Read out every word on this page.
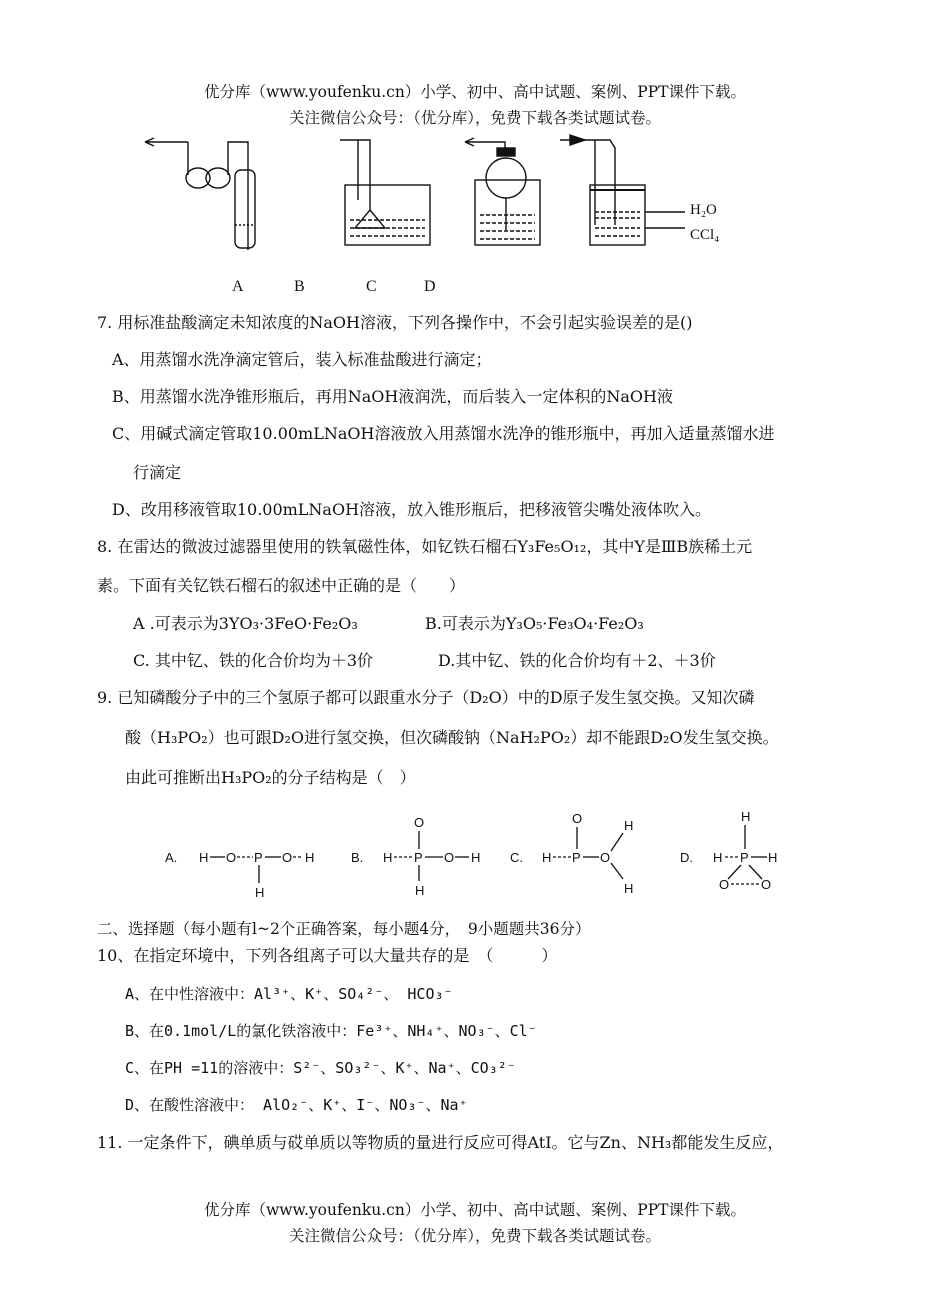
优分库（www.youfenku.cn）小学、初中、高中试题、案例、PPT课件下载。
关注微信公众号：（优分库），免费下载各类试题试卷。
H₂O
CCl₄
A	B	C	D
7. 用标准盐酸滴定未知浓度的NaOH溶液，下列各操作中，不会引起实验误差的是()
A、用蒸馏水洗净滴定管后，装入标准盐酸进行滴定；
B、用蒸馏水洗净锥形瓶后，再用NaOH液润洗，而后装入一定体积的NaOH液
C、用碱式滴定管取10.00mLNaOH溶液放入用蒸馏水洗净的锥形瓶中，再加入适量蒸馏水进
行滴定
D、改用移液管取10.00mLNaOH溶液，放入锥形瓶后，把移液管尖嘴处液体吹入。
8. 在雷达的微波过滤器里使用的铁氧磁性体，如钇铁石榴石Y₃Fe₅O₁₂，其中Y是ⅢB族稀土元
素。下面有关钇铁石榴石的叙述中正确的是（　　）
A .可表示为3YO₃·3FeO·Fe₂O₃	B.可表示为Y₃O₅·Fe₃O₄·Fe₂O₃
C. 其中钇、铁的化合价均为＋3价	D.其中钇、铁的化合价均有＋2、＋3价
9. 已知磷酸分子中的三个氢原子都可以跟重水分子（D₂O）中的D原子发生氢交换。又知次磷
酸（H₃PO₂）也可跟D₂O进行氢交换，但次磷酸钠（NaH₂PO₂）却不能跟D₂O发生氢交换。
由此可推断出H₃PO₂的分子结构是（　）
A. H O P O H
H
B. H P
O
O H
H
C. H P
O
O
H
H
D. H P
H
H
O O
二、选择题（每小题有l~2个正确答案，每小题4分，　9小题题共36分）
10、在指定环境中，下列各组离子可以大量共存的是　（　　　）
A、在中性溶液中：Al³⁺、K⁺、SO₄²⁻、 HCO₃⁻
B、在0.1mol/L的氯化铁溶液中：Fe³⁺、NH₄⁺、NO₃⁻、Cl⁻
C、在PH =11的溶液中：S²⁻、SO₃²⁻、K⁺、Na⁺、CO₃²⁻
D、在酸性溶液中： AlO₂⁻、K⁺、I⁻、NO₃⁻、Na⁺
11. 一定条件下，碘单质与砹单质以等物质的量进行反应可得AtI。它与Zn、NH₃都能发生反应，
优分库（www.youfenku.cn）小学、初中、高中试题、案例、PPT课件下载。
关注微信公众号：（优分库），免费下载各类试题试卷。
